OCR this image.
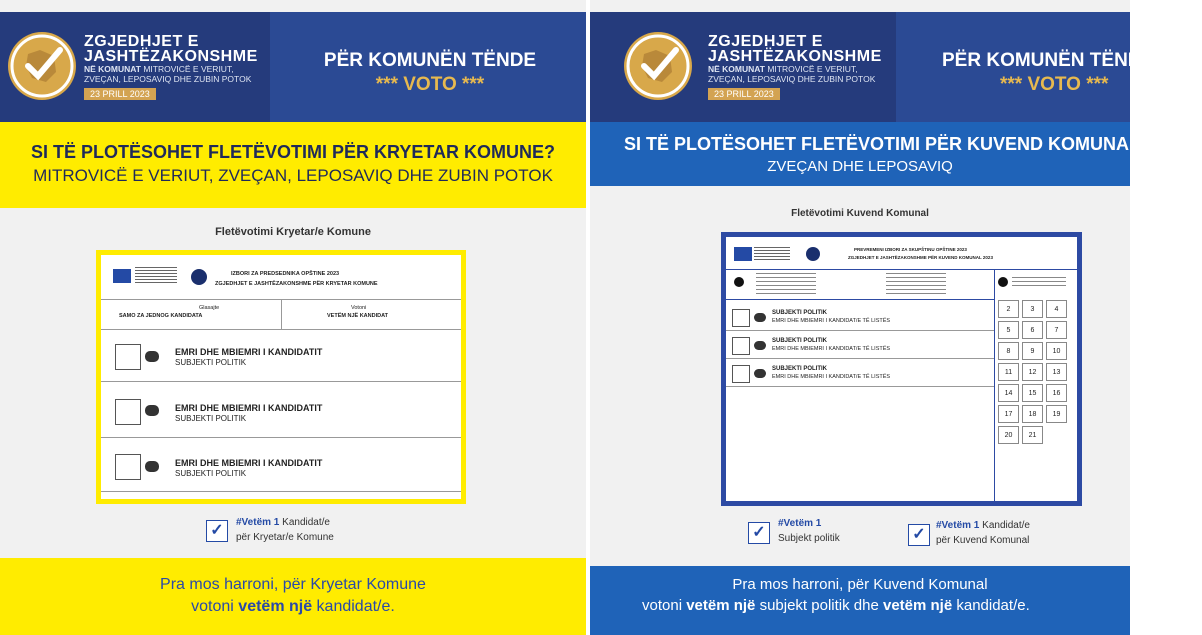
ZGJEDHJET E
JASHTËZAKONSHME
NË KOMUNAT MITROVICË E VERIUT,
ZVEÇAN, LEPOSAVIQ DHE ZUBIN POTOK
23 PRILL 2023
PËR KOMUNËN TËNDE
*** VOTO ***
SI TË PLOTËSOHET FLETËVOTIMI PËR KRYETAR KOMUNE?
MITROVICË E VERIUT, ZVEÇAN, LEPOSAVIQ DHE ZUBIN POTOK
Fletëvotimi Kryetar/e Komune
IZBORI ZA PREDSEDNIKA OPŠTINE 2023
ZGJEDHJET E JASHTËZAKONSHME PËR KRYETAR KOMUNE
Glasajte
SAMO ZA JEDNOG KANDIDATA
Votoni
VETËM NJË KANDIDAT
EMRI DHE MBIEMRI I KANDIDATIT
SUBJEKTI POLITIK
EMRI DHE MBIEMRI I KANDIDATIT
SUBJEKTI POLITIK
EMRI DHE MBIEMRI I KANDIDATIT
SUBJEKTI POLITIK
✓	#Vetëm 1 Kandidat/e
për Kryetar/e Komune
Pra mos harroni, për Kryetar Komune
votoni vetëm një kandidat/e.
ZGJEDHJET E
JASHTËZAKONSHME
NË KOMUNAT MITROVICË E VERIUT,
ZVEÇAN, LEPOSAVIQ DHE ZUBIN POTOK
23 PRILL 2023
PËR KOMUNËN TËNDE
*** VOTO ***
SI TË PLOTËSOHET FLETËVOTIMI PËR KUVEND KOMUNAL
ZVEÇAN DHE LEPOSAVIQ
Fletëvotimi Kuvend Komunal
PREVREMENI IZBORI ZA SKUPŠTINU OPŠTINE 2023
ZGJEDHJET E JASHTËZAKONSHME PËR KUVEND KOMUNAL 2023
SUBJEKTI POLITIK
EMRI DHE MBIEMRI I KANDIDAT/E TË LISTËS
SUBJEKTI POLITIK
EMRI DHE MBIEMRI I KANDIDAT/E TË LISTËS
SUBJEKTI POLITIK
EMRI DHE MBIEMRI I KANDIDAT/E TË LISTËS
2	3	4
5	6	7
8	9	10
11	12	13
14	15	16
17	18	19
20	21
✓
#Vetëm 1
Subjekt politik	✓
#Vetëm 1 Kandidat/e
për Kuvend Komunal
Pra mos harroni, për Kuvend Komunal
votoni vetëm një subjekt politik dhe vetëm një kandidat/e.
